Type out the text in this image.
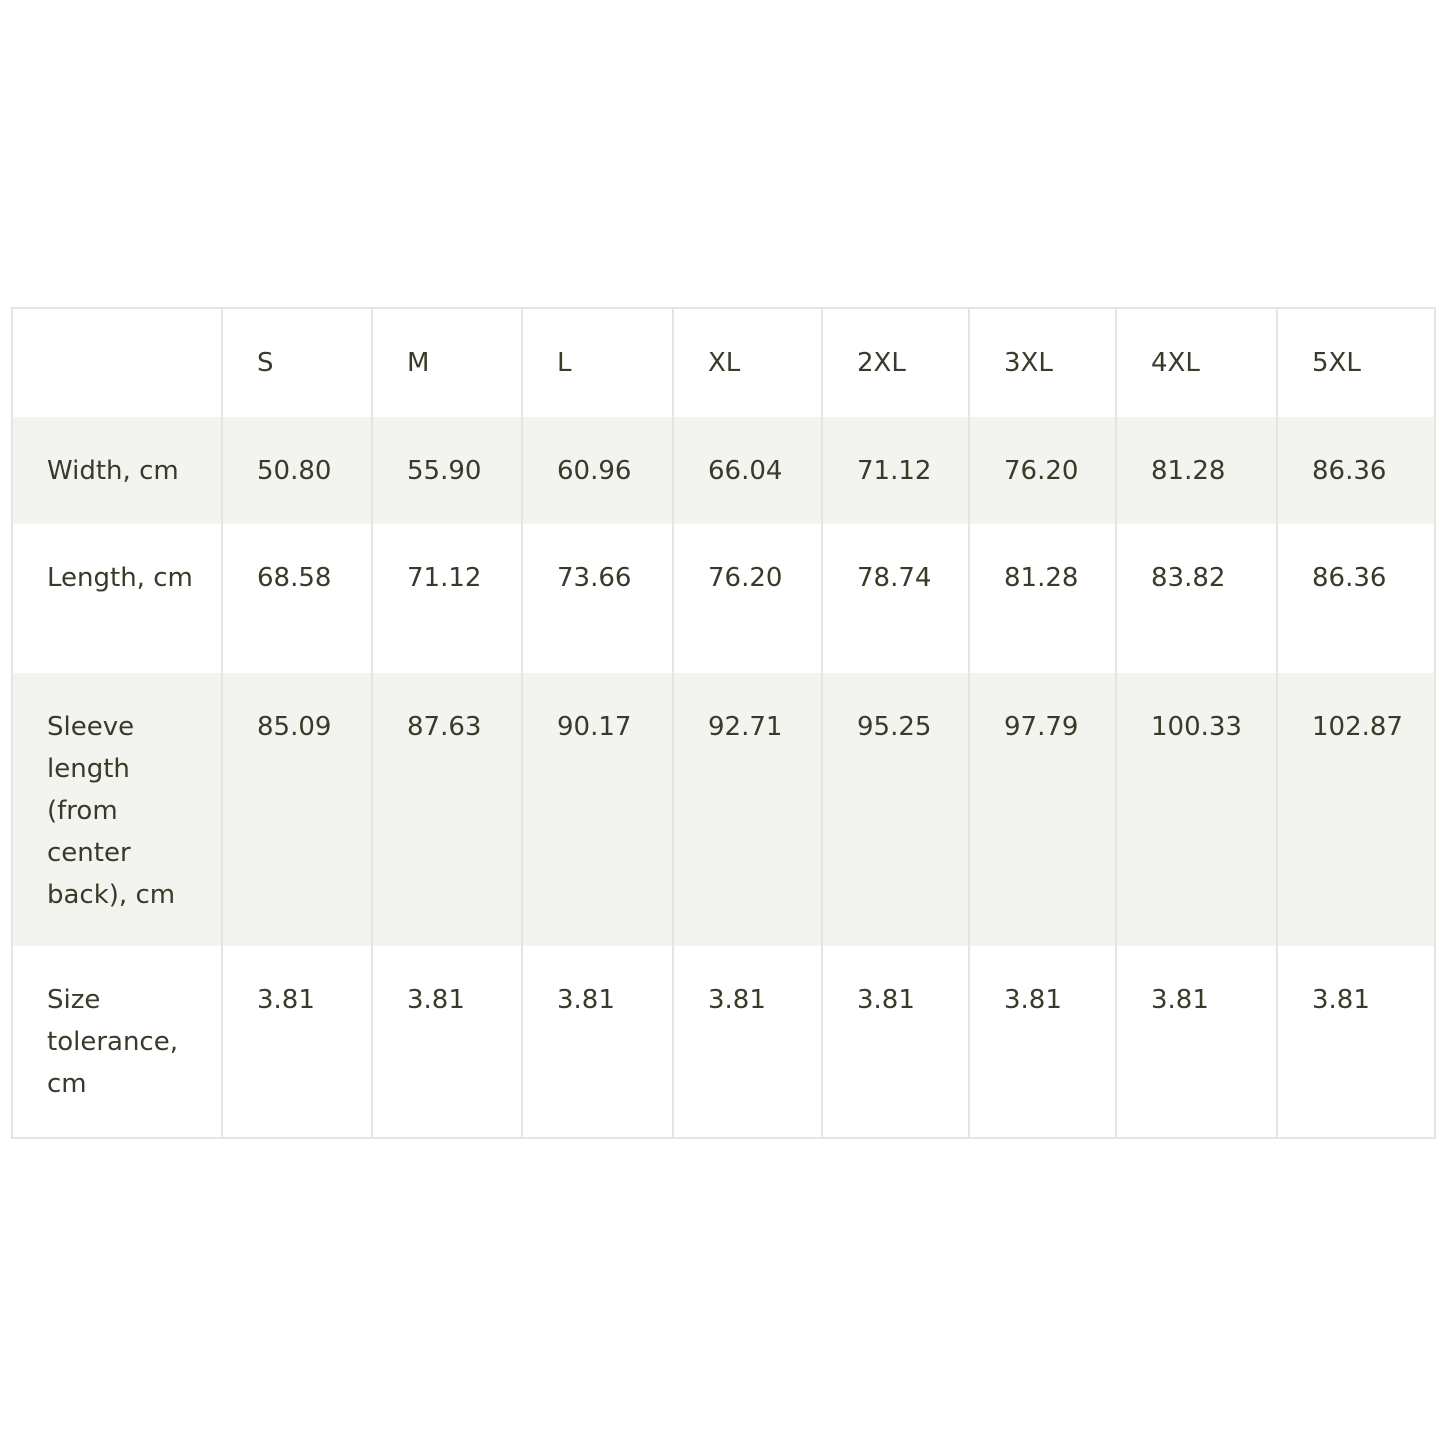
	S	M	L	XL	2XL	3XL	4XL	5XL
Width, cm	50.80	55.90	60.96	66.04	71.12	76.20	81.28	86.36
Length, cm	68.58	71.12	73.66	76.20	78.74	81.28	83.82	86.36
Sleeve length (from center back), cm	85.09	87.63	90.17	92.71	95.25	97.79	100.33	102.87
Size tolerance, cm	3.81	3.81	3.81	3.81	3.81	3.81	3.81	3.81
